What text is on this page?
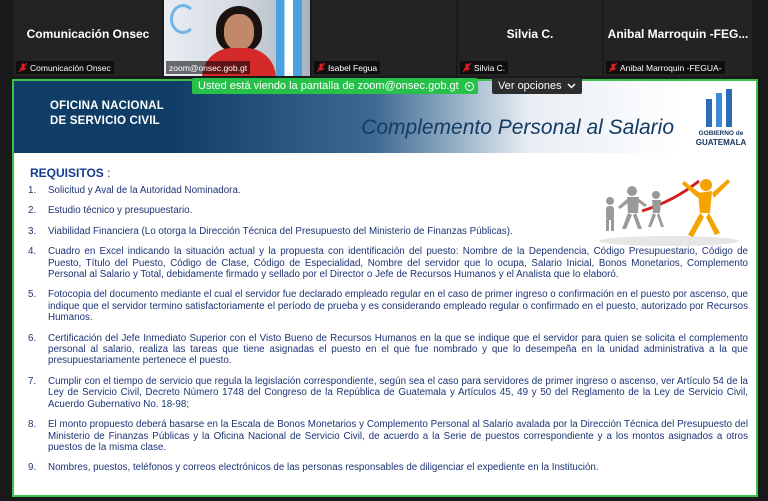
Comunicación Onsec
Comunicación Onsec	zoom@onsec.gob.gt	Isabel Fegua
Silvia C.
Silvia C.
Anibal Marroquin -FEG...
Anibal Marroquin -FEGUA-
OFICINA NACIONAL
DE SERVICIO CIVIL	Complemento Personal al Salario	GOBIERNO de
GUATEMALA
REQUISITOS :
1.	Solicitud y Aval de la Autoridad Nominadora.
2.	Estudio técnico y presupuestario.
3.	Viabilidad Financiera (Lo otorga la Dirección Técnica del Presupuesto del Ministerio de Finanzas Públicas).
4.	Cuadro en Excel indicando la situación actual y la propuesta con identificación del puesto: Nombre de la Dependencia, Código Presupuestario, Código de Puesto, Título del Puesto, Código de Clase, Código de Especialidad, Nombre del servidor que lo ocupa, Salario Inicial, Bonos Monetarios, Complemento Personal al Salario y Total, debidamente firmado y sellado por el Director o Jefe de Recursos Humanos y el Analista que lo elaboró.
5.	Fotocopia del documento mediante el cual el servidor fue declarado empleado regular en el caso de primer ingreso o confirmación en el puesto por ascenso, que indique que el servidor termino satisfactoriamente el período de prueba y es considerando empleado regular o confirmado en el puesto, autorizado por Recursos Humanos.
6.	Certificación del Jefe Inmediato Superior con el Visto Bueno de Recursos Humanos en la que se indique que el servidor para quien se solicita el complemento personal al salario, realiza las tareas que tiene asignadas el puesto en el que fue nombrado y que lo desempeña en la unidad administrativa a la que presupuestariamente pertenece el puesto.
7.	Cumplir con el tiempo de servicio que regula la legislación correspondiente, según sea el caso para servidores de primer ingreso o ascenso, ver Artículo 54 de la Ley de Servicio Civil, Decreto Número 1748 del Congreso de la República de Guatemala y Artículos 45, 49 y 50 del Reglamento de la Ley de Servicio Civil, Acuerdo Gubernativo No. 18-98;
8.	El monto propuesto deberá basarse en la Escala de Bonos Monetarios y Complemento Personal al Salario avalada por la Dirección Técnica del Presupuesto del Ministerio de Finanzas Públicas y la Oficina Nacional de Servicio Civil, de acuerdo a la Serie de puestos correspondiente y a los montos asignados a otros puestos de la misma clase.
9.	Nombres, puestos, teléfonos y correos electrónicos de las personas responsables de diligenciar el expediente en la Institución.
Usted está viendo la pantalla de zoom@onsec.gob.gt	Ver opciones
